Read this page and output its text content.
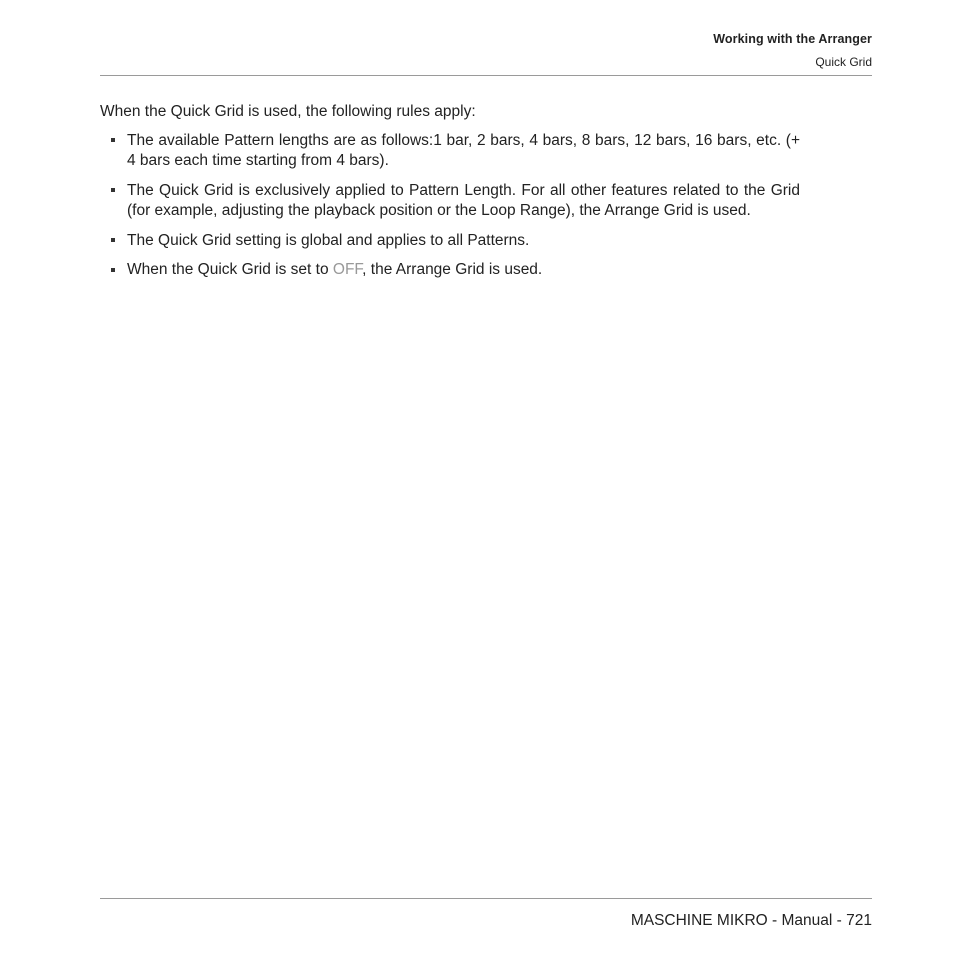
Working with the Arranger
Quick Grid

When the Quick Grid is used, the following rules apply:

The available Pattern lengths are as follows:1 bar, 2 bars, 4 bars, 8 bars, 12 bars, 16 bars, etc. (+ 4 bars each time starting from 4 bars).
The Quick Grid is exclusively applied to Pattern Length. For all other features related to the Grid (for example, adjusting the playback position or the Loop Range), the Arrange Grid is used.
The Quick Grid setting is global and applies to all Patterns.
When the Quick Grid is set to OFF, the Arrange Grid is used.
MASCHINE MIKRO - Manual - 721
